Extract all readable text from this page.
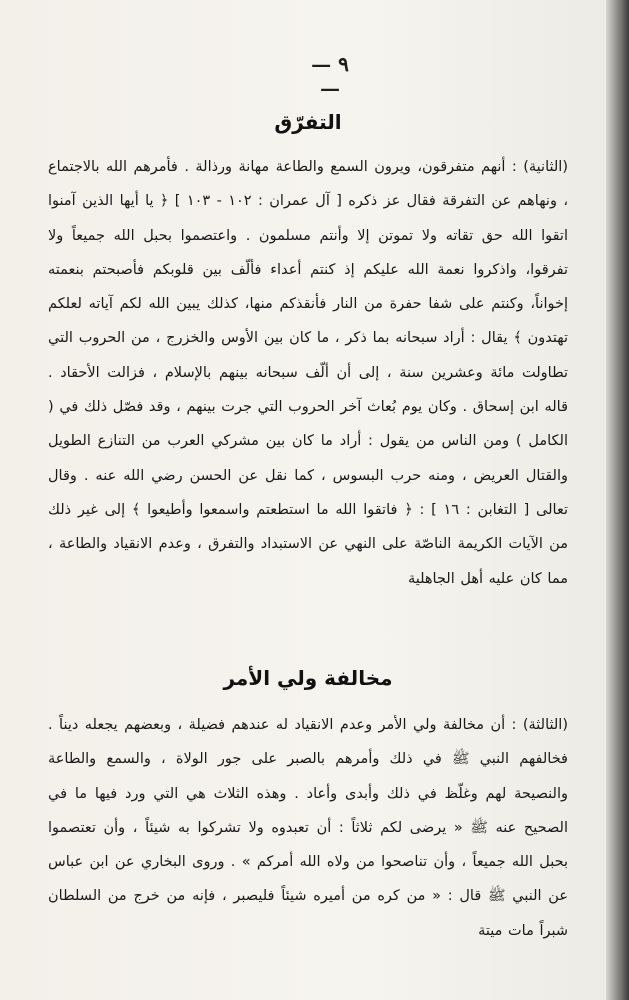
— ٩ —
التفرّق

(الثانية) : أنهم متفرقون، ويرون السمع والطاعة مهانة ورذالة . فأمرهم الله بالاجتماع ، ونهاهم عن التفرقة فقال عز ذكره [ آل عمران : ١٠٢ - ١٠٣ ] ﴿ يا أيها الذين آمنوا اتقوا الله حق تقاته ولا تموتن إلا وأنتم مسلمون . واعتصموا بحبل الله جميعاً ولا تفرقوا، واذكروا نعمة الله عليكم إذ كنتم أعداء فألّف بين قلوبكم فأصبحتم بنعمته إخواناً، وكنتم على شفا حفرة من النار فأنقذكم منها، كذلك يبين الله لكم آياته لعلكم تهتدون ﴾ يقال : أراد سبحانه بما ذكر ، ما كان بين الأوس والخزرج ، من الحروب التي تطاولت مائة وعشرين سنة ، إلى أن ألّف سبحانه بينهم بالإسلام ، فزالت الأحقاد . قاله ابن إسحاق . وكان يوم بُعاث آخر الحروب التي جرت بينهم ، وقد فصّل ذلك في ( الكامل ) ومن الناس من يقول : أراد ما كان بين مشركي العرب من التنازع الطويل والقتال العريض ، ومنه حرب البسوس ، كما نقل عن الحسن رضي الله عنه . وقال تعالى [ التغابن : ١٦ ] : ﴿ فاتقوا الله ما استطعتم واسمعوا وأطيعوا ﴾ إلى غير ذلك من الآيات الكريمة الناصّة على النهي عن الاستبداد والتفرق ، وعدم الانقياد والطاعة ، مما كان عليه أهل الجاهلية

مخالفة ولي الأمر

(الثالثة) : أن مخالفة ولي الأمر وعدم الانقياد له عندهم فضيلة ، وبعضهم يجعله ديناً . فخالفهم النبي ﷺ في ذلك وأمرهم بالصبر على جور الولاة ، والسمع والطاعة والنصيحة لهم وغلّظ في ذلك وأبدى وأعاد . وهذه الثلاث هي التي ورد فيها ما في الصحيح عنه ﷺ « يرضى لكم ثلاثاً : أن تعبدوه ولا تشركوا به شيئاً ، وأن تعتصموا بحبل الله جميعاً ، وأن تناصحوا من ولاه الله أمركم » . وروى البخاري عن ابن عباس عن النبي ﷺ قال : « من كره من أميره شيئاً فليصبر ، فإنه من خرج من السلطان شبراً مات ميتة
